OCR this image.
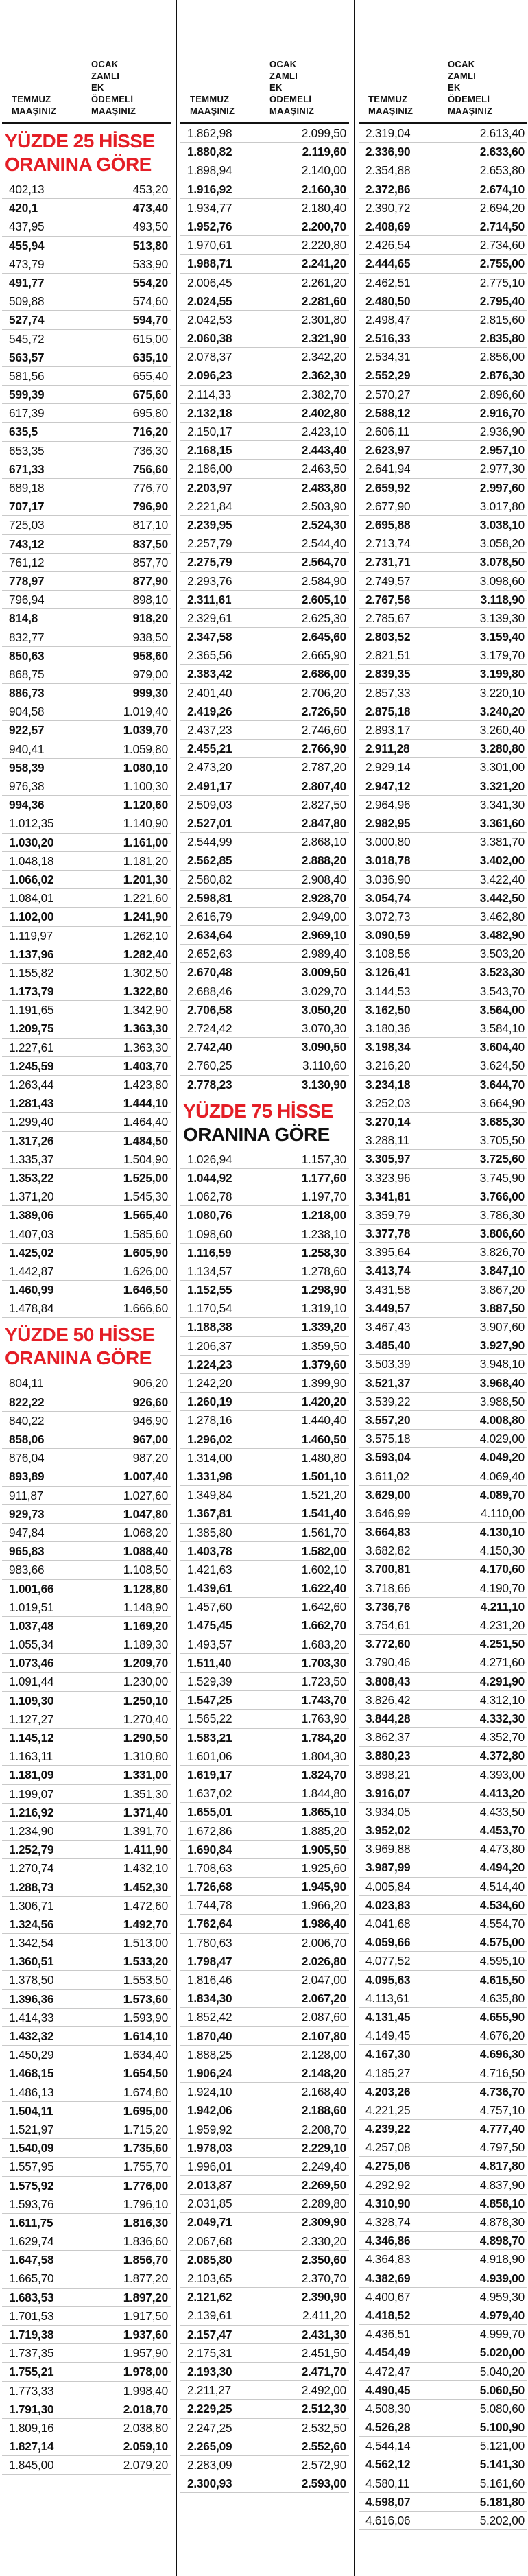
TEMMUZ
MAAŞINIZ
OCAK
ZAMLI
EK
ÖDEMELİ
MAAŞINIZ
YÜZDE 25 HİSSE
ORANINA GÖRE
402,13	453,20
420,1	473,40
437,95	493,50
455,94	513,80
473,79	533,90
491,77	554,20
509,88	574,60
527,74	594,70
545,72	615,00
563,57	635,10
581,56	655,40
599,39	675,60
617,39	695,80
635,5	716,20
653,35	736,30
671,33	756,60
689,18	776,70
707,17	796,90
725,03	817,10
743,12	837,50
761,12	857,70
778,97	877,90
796,94	898,10
814,8	918,20
832,77	938,50
850,63	958,60
868,75	979,00
886,73	999,30
904,58	1.019,40
922,57	1.039,70
940,41	1.059,80
958,39	1.080,10
976,38	1.100,30
994,36	1.120,60
1.012,35	1.140,90
1.030,20	1.161,00
1.048,18	1.181,20
1.066,02	1.201,30
1.084,01	1.221,60
1.102,00	1.241,90
1.119,97	1.262,10
1.137,96	1.282,40
1.155,82	1.302,50
1.173,79	1.322,80
1.191,65	1.342,90
1.209,75	1.363,30
1.227,61	1.363,30
1.245,59	1.403,70
1.263,44	1.423,80
1.281,43	1.444,10
1.299,40	1.464,40
1.317,26	1.484,50
1.335,37	1.504,90
1.353,22	1.525,00
1.371,20	1.545,30
1.389,06	1.565,40
1.407,03	1.585,60
1.425,02	1.605,90
1.442,87	1.626,00
1.460,99	1.646,50
1.478,84	1.666,60
YÜZDE 50 HİSSE
ORANINA GÖRE
804,11	906,20
822,22	926,60
840,22	946,90
858,06	967,00
876,04	987,20
893,89	1.007,40
911,87	1.027,60
929,73	1.047,80
947,84	1.068,20
965,83	1.088,40
983,66	1.108,50
1.001,66	1.128,80
1.019,51	1.148,90
1.037,48	1.169,20
1.055,34	1.189,30
1.073,46	1.209,70
1.091,44	1.230,00
1.109,30	1.250,10
1.127,27	1.270,40
1.145,12	1.290,50
1.163,11	1.310,80
1.181,09	1.331,00
1.199,07	1.351,30
1.216,92	1.371,40
1.234,90	1.391,70
1.252,79	1.411,90
1.270,74	1.432,10
1.288,73	1.452,30
1.306,71	1.472,60
1.324,56	1.492,70
1.342,54	1.513,00
1.360,51	1.533,20
1.378,50	1.553,50
1.396,36	1.573,60
1.414,33	1.593,90
1.432,32	1.614,10
1.450,29	1.634,40
1.468,15	1.654,50
1.486,13	1.674,80
1.504,11	1.695,00
1.521,97	1.715,20
1.540,09	1.735,60
1.557,95	1.755,70
1.575,92	1.776,00
1.593,76	1.796,10
1.611,75	1.816,30
1.629,74	1.836,60
1.647,58	1.856,70
1.665,70	1.877,20
1.683,53	1.897,20
1.701,53	1.917,50
1.719,38	1.937,60
1.737,35	1.957,90
1.755,21	1.978,00
1.773,33	1.998,40
1.791,30	2.018,70
1.809,16	2.038,80
1.827,14	2.059,10
1.845,00	2.079,20
TEMMUZ
MAAŞINIZ
OCAK
ZAMLI
EK
ÖDEMELİ
MAAŞINIZ
1.862,98	2.099,50
1.880,82	2.119,60
1.898,94	2.140,00
1.916,92	2.160,30
1.934,77	2.180,40
1.952,76	2.200,70
1.970,61	2.220,80
1.988,71	2.241,20
2.006,45	2.261,20
2.024,55	2.281,60
2.042,53	2.301,80
2.060,38	2.321,90
2.078,37	2.342,20
2.096,23	2.362,30
2.114,33	2.382,70
2.132,18	2.402,80
2.150,17	2.423,10
2.168,15	2.443,40
2.186,00	2.463,50
2.203,97	2.483,80
2.221,84	2.503,90
2.239,95	2.524,30
2.257,79	2.544,40
2.275,79	2.564,70
2.293,76	2.584,90
2.311,61	2.605,10
2.329,61	2.625,30
2.347,58	2.645,60
2.365,56	2.665,90
2.383,42	2.686,00
2.401,40	2.706,20
2.419,26	2.726,50
2.437,23	2.746,60
2.455,21	2.766,90
2.473,20	2.787,20
2.491,17	2.807,40
2.509,03	2.827,50
2.527,01	2.847,80
2.544,99	2.868,10
2.562,85	2.888,20
2.580,82	2.908,40
2.598,81	2.928,70
2.616,79	2.949,00
2.634,64	2.969,10
2.652,63	2.989,40
2.670,48	3.009,50
2.688,46	3.029,70
2.706,58	3.050,20
2.724,42	3.070,30
2.742,40	3.090,50
2.760,25	3.110,60
2.778,23	3.130,90
YÜZDE 75 HİSSE
ORANINA GÖRE
1.026,94	1.157,30
1.044,92	1.177,60
1.062,78	1.197,70
1.080,76	1.218,00
1.098,60	1.238,10
1.116,59	1.258,30
1.134,57	1.278,60
1.152,55	1.298,90
1.170,54	1.319,10
1.188,38	1.339,20
1.206,37	1.359,50
1.224,23	1.379,60
1.242,20	1.399,90
1.260,19	1.420,20
1.278,16	1.440,40
1.296,02	1.460,50
1.314,00	1.480,80
1.331,98	1.501,10
1.349,84	1.521,20
1.367,81	1.541,40
1.385,80	1.561,70
1.403,78	1.582,00
1.421,63	1.602,10
1.439,61	1.622,40
1.457,60	1.642,60
1.475,45	1.662,70
1.493,57	1.683,20
1.511,40	1.703,30
1.529,39	1.723,50
1.547,25	1.743,70
1.565,22	1.763,90
1.583,21	1.784,20
1.601,06	1.804,30
1.619,17	1.824,70
1.637,02	1.844,80
1.655,01	1.865,10
1.672,86	1.885,20
1.690,84	1.905,50
1.708,63	1.925,60
1.726,68	1.945,90
1.744,78	1.966,20
1.762,64	1.986,40
1.780,63	2.006,70
1.798,47	2.026,80
1.816,46	2.047,00
1.834,30	2.067,20
1.852,42	2.087,60
1.870,40	2.107,80
1.888,25	2.128,00
1.906,24	2.148,20
1.924,10	2.168,40
1.942,06	2.188,60
1.959,92	2.208,70
1.978,03	2.229,10
1.996,01	2.249,40
2.013,87	2.269,50
2.031,85	2.289,80
2.049,71	2.309,90
2.067,68	2.330,20
2.085,80	2.350,60
2.103,65	2.370,70
2.121,62	2.390,90
2.139,61	2.411,20
2.157,47	2.431,30
2.175,31	2.451,50
2.193,30	2.471,70
2.211,27	2.492,00
2.229,25	2.512,30
2.247,25	2.532,50
2.265,09	2.552,60
2.283,09	2.572,90
2.300,93	2.593,00
TEMMUZ
MAAŞINIZ
OCAK
ZAMLI
EK
ÖDEMELİ
MAAŞINIZ
2.319,04	2.613,40
2.336,90	2.633,60
2.354,88	2.653,80
2.372,86	2.674,10
2.390,72	2.694,20
2.408,69	2.714,50
2.426,54	2.734,60
2.444,65	2.755,00
2.462,51	2.775,10
2.480,50	2.795,40
2.498,47	2.815,60
2.516,33	2.835,80
2.534,31	2.856,00
2.552,29	2.876,30
2.570,27	2.896,60
2.588,12	2.916,70
2.606,11	2.936,90
2.623,97	2.957,10
2.641,94	2.977,30
2.659,92	2.997,60
2.677,90	3.017,80
2.695,88	3.038,10
2.713,74	3.058,20
2.731,71	3.078,50
2.749,57	3.098,60
2.767,56	3.118,90
2.785,67	3.139,30
2.803,52	3.159,40
2.821,51	3.179,70
2.839,35	3.199,80
2.857,33	3.220,10
2.875,18	3.240,20
2.893,17	3.260,40
2.911,28	3.280,80
2.929,14	3.301,00
2.947,12	3.321,20
2.964,96	3.341,30
2.982,95	3.361,60
3.000,80	3.381,70
3.018,78	3.402,00
3.036,90	3.422,40
3.054,74	3.442,50
3.072,73	3.462,80
3.090,59	3.482,90
3.108,56	3.503,20
3.126,41	3.523,30
3.144,53	3.543,70
3.162,50	3.564,00
3.180,36	3.584,10
3.198,34	3.604,40
3.216,20	3.624,50
3.234,18	3.644,70
3.252,03	3.664,90
3.270,14	3.685,30
3.288,11	3.705,50
3.305,97	3.725,60
3.323,96	3.745,90
3.341,81	3.766,00
3.359,79	3.786,30
3.377,78	3.806,60
3.395,64	3.826,70
3.413,74	3.847,10
3.431,58	3.867,20
3.449,57	3.887,50
3.467,43	3.907,60
3.485,40	3.927,90
3.503,39	3.948,10
3.521,37	3.968,40
3.539,22	3.988,50
3.557,20	4.008,80
3.575,18	4.029,00
3.593,04	4.049,20
3.611,02	4.069,40
3.629,00	4.089,70
3.646,99	4.110,00
3.664,83	4.130,10
3.682,82	4.150,30
3.700,81	4.170,60
3.718,66	4.190,70
3.736,76	4.211,10
3.754,61	4.231,20
3.772,60	4.251,50
3.790,46	4.271,60
3.808,43	4.291,90
3.826,42	4.312,10
3.844,28	4.332,30
3.862,37	4.352,70
3.880,23	4.372,80
3.898,21	4.393,00
3.916,07	4.413,20
3.934,05	4.433,50
3.952,02	4.453,70
3.969,88	4.473,80
3.987,99	4.494,20
4.005,84	4.514,40
4.023,83	4.534,60
4.041,68	4.554,70
4.059,66	4.575,00
4.077,52	4.595,10
4.095,63	4.615,50
4.113,61	4.635,80
4.131,45	4.655,90
4.149,45	4.676,20
4.167,30	4.696,30
4.185,27	4.716,50
4.203,26	4.736,70
4.221,25	4.757,10
4.239,22	4.777,40
4.257,08	4.797,50
4.275,06	4.817,80
4.292,92	4.837,90
4.310,90	4.858,10
4.328,74	4.878,30
4.346,86	4.898,70
4.364,83	4.918,90
4.382,69	4.939,00
4.400,67	4.959,30
4.418,52	4.979,40
4.436,51	4.999,70
4.454,49	5.020,00
4.472,47	5.040,20
4.490,45	5.060,50
4.508,30	5.080,60
4.526,28	5.100,90
4.544,14	5.121,00
4.562,12	5.141,30
4.580,11	5.161,60
4.598,07	5.181,80
4.616,06	5.202,00
